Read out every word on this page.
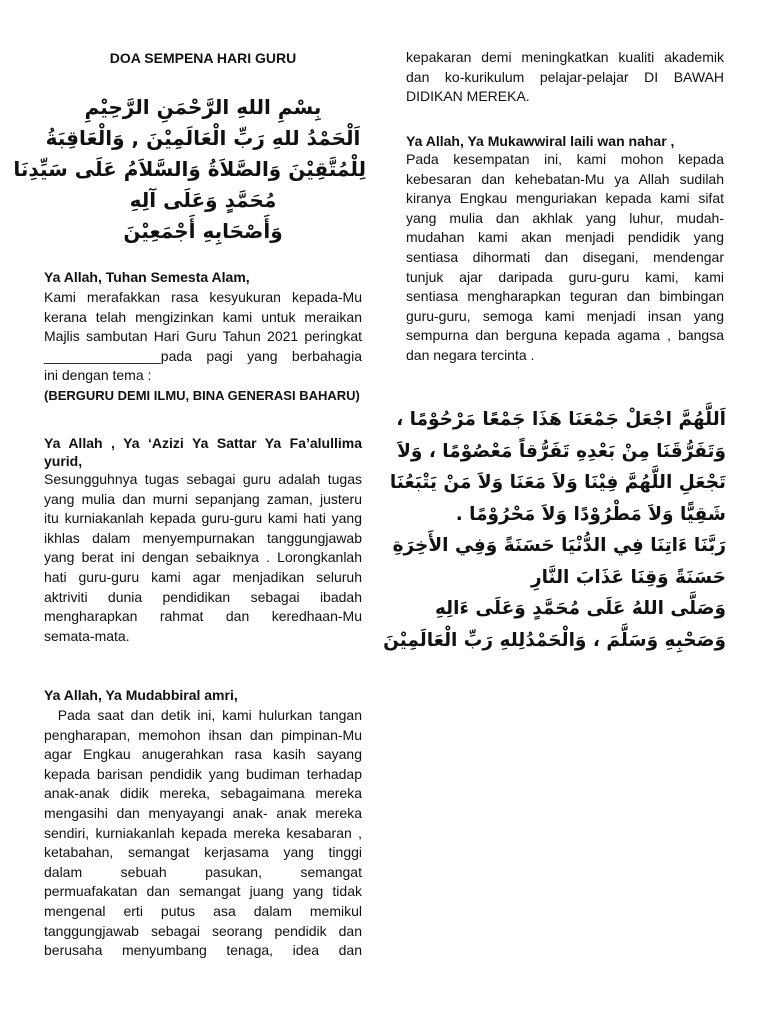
DOA SEMPENA HARI GURU
بِسْمِ اللهِ الرَّحْمَنِ الرَّحِيْمِ
اَلْحَمْدُ للهِ رَبِّ الْعَالَمِيْنَ , وَالْعَاقِبَةُ
لِلْمُتَّقِيْنَ وَالصَّلاَةُ وَالسَّلاَمُ عَلَى سَيِّدِنَا
مُحَمَّدٍ وَعَلَى آلِهِ
وَأَصْحَابِهِ أَجْمَعِيْنَ

Ya Allah, Tuhan Semesta Alam,

Kami merafakkan rasa kesyukuran kepada-Mu
kerana telah mengizinkan kami untuk meraikan
Majlis sambutan Hari Guru Tahun 2021 peringkat
_______________pada pagi yang berbahagia
ini dengan tema :
(BERGURU DEMI ILMU, BINA GENERASI BAHARU)

Ya Allah , Ya ‘Azizi Ya Sattar Ya Fa’alullima
yurid,

Sesungguhnya tugas sebagai guru adalah tugas
yang mulia dan murni sepanjang zaman, justeru
itu kurniakanlah kepada guru-guru kami hati yang
ikhlas dalam menyempurnakan tanggungjawab
yang berat ini dengan sebaiknya . Lorongkanlah
hati guru-guru kami agar menjadikan seluruh
aktriviti dunia pendidikan sebagai ibadah
mengharapkan rahmat dan keredhaan-Mu
semata-mata.

Ya Allah, Ya Mudabbiral amri,

Pada saat dan detik ini, kami hulurkan tangan
pengharapan, memohon ihsan dan pimpinan-Mu
agar Engkau anugerahkan rasa kasih sayang
kepada barisan pendidik yang budiman terhadap
anak-anak didik mereka, sebagaimana mereka
mengasihi dan menyayangi anak- anak mereka
sendiri, kurniakanlah kepada mereka kesabaran ,
ketabahan, semangat kerjasama yang tinggi
dalam sebuah pasukan, semangat
permuafakatan dan semangat juang yang tidak
mengenal erti putus asa dalam memikul
tanggungjawab sebagai seorang pendidik dan
berusaha menyumbang tenaga, idea dan

kepakaran demi meningkatkan kualiti akademik
dan ko-kurikulum pelajar-pelajar DI BAWAH
DIDIKAN MEREKA.

Ya Allah, Ya Mukawwiral laili wan nahar ,

Pada kesempatan ini, kami mohon kepada
kebesaran dan kehebatan-Mu ya Allah sudilah
kiranya Engkau menguriakan kepada kami sifat
yang mulia dan akhlak yang luhur, mudah-
mudahan kami akan menjadi pendidik yang
sentiasa dihormati dan disegani, mendengar
tunjuk ajar daripada guru-guru kami, kami
sentiasa mengharapkan teguran dan bimbingan
guru-guru, semoga kami menjadi insan yang
sempurna dan berguna kepada agama , bangsa
dan negara tercinta .

اَللَّهُمَّ اجْعَلْ جَمْعَنَا هَذَا جَمْعًا مَرْحُوْمًا ،
وَتَفَرُّقَنَا مِنْ بَعْدِهِ تَفَرُّقاً مَعْصُوْمًا ، وَلاَ
تَجْعَلِ اللَّهُمَّ فِيْنَا وَلاَ مَعَنَا وَلاَ مَنْ يَتْبَعُنَا
شَقِيًّا وَلاَ مَطْرُوْدًا وَلاَ مَحْرُوْمًا .
رَبَّنَا ءَاتِنَا فِي الدُّنْيَا حَسَنَةً وَفِي الأَخِرَةِ
حَسَنَةً وَقِنَا عَذَابَ النَّارِ
وَصَلَّى اللهُ عَلَى مُحَمَّدٍ وَعَلَى ءَالِهِ
وَصَحْبِهِ وَسَلَّمَ ، وَالْحَمْدُلِلهِ رَبِّ الْعَالَمِيْنَ
